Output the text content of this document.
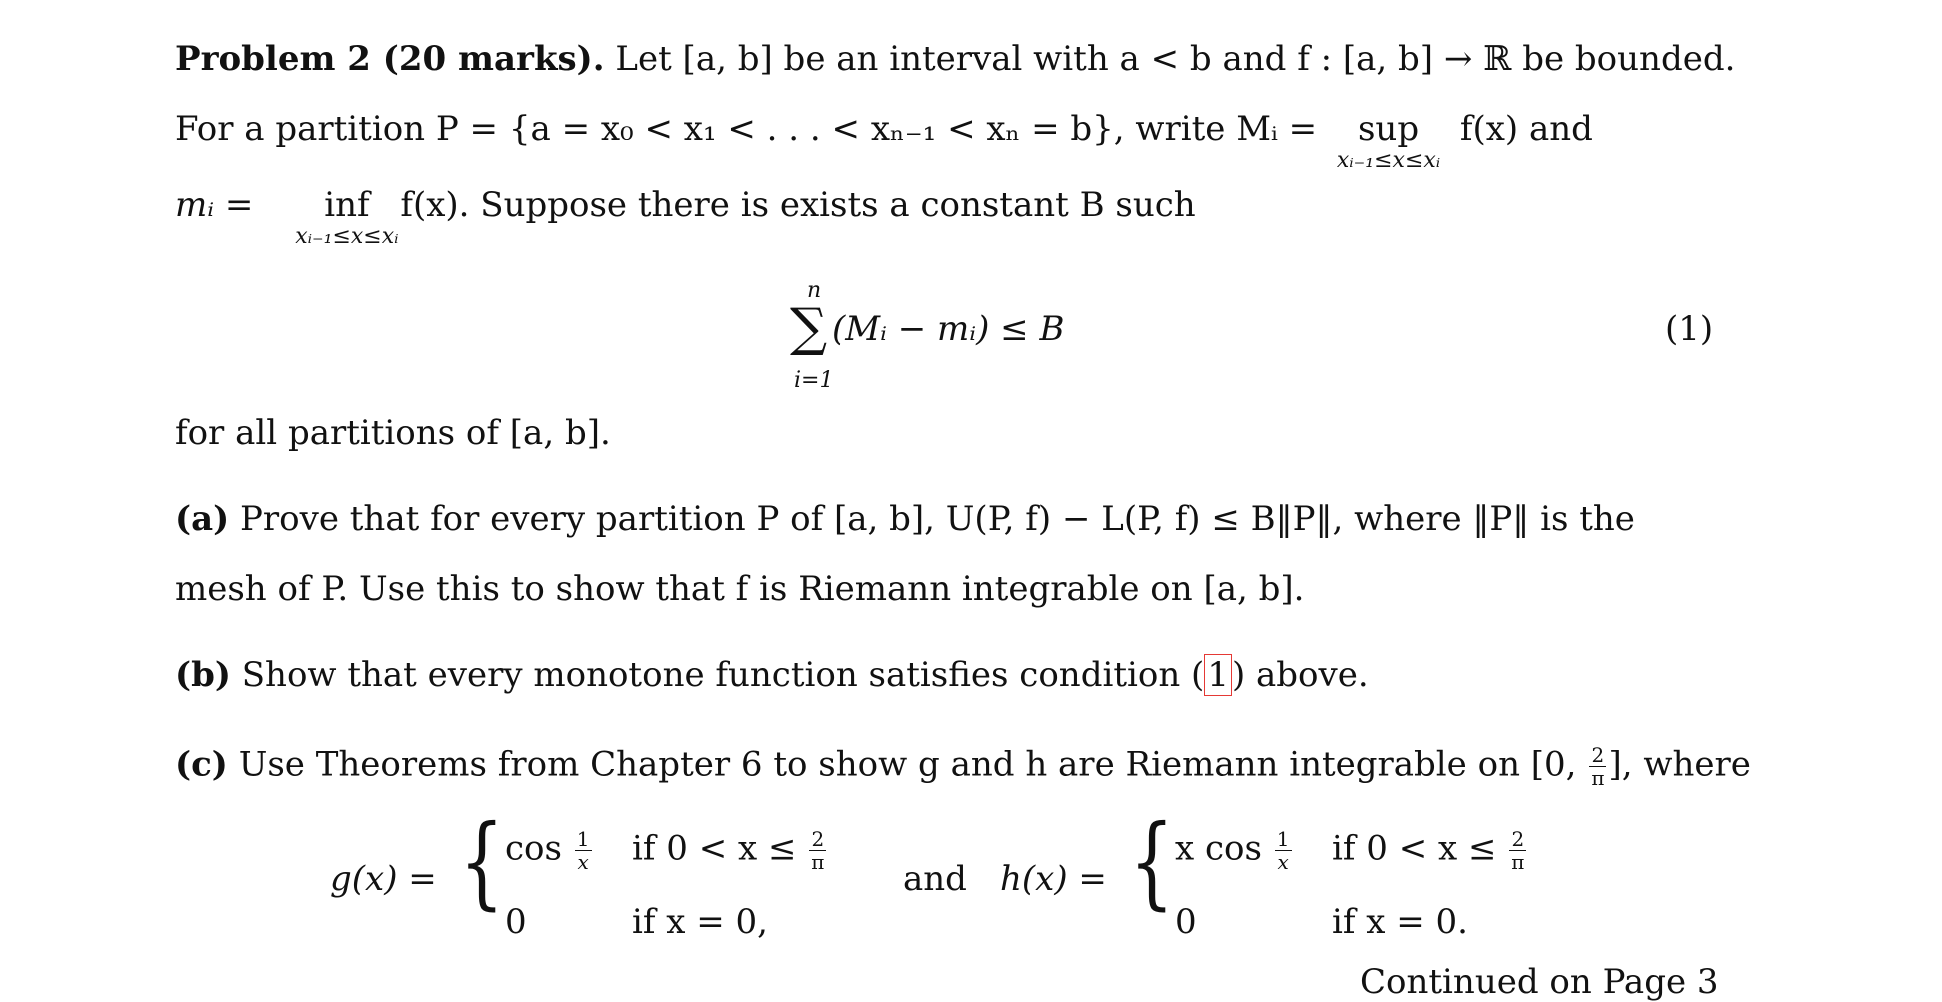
Problem 2 (20 marks). Let [a, b] be an interval with a < b and f : [a, b] → ℝ be bounded.
For a partition P = {a = x₀ < x₁ < . . . < xₙ₋₁ < xₙ = b}, write Mᵢ = sup
xᵢ₋₁≤x≤xᵢ
f(x) and
mᵢ = inf
xᵢ₋₁≤x≤xᵢ
f(x). Suppose there is exists a constant B such
n
∑
i=1
(Mᵢ − mᵢ) ≤ B	(1)
for all partitions of [a, b].
(a) Prove that for every partition P of [a, b], U(P, f) − L(P, f) ≤ B‖P‖, where ‖P‖ is the
mesh of P. Use this to show that f is Riemann integrable on [a, b].
(b) Show that every monotone function satisfies condition (1) above.
(c) Use Theorems from Chapter 6 to show g and h are Riemann integrable on [0, $\frac{2}{\pi}$ ], where
g(x) = { $\cos \frac{1}{x}$ if $0 < x \le \frac{2}{\pi}$
0	if x = 0,
and h(x) = { x $\cos \frac{1}{x}$ if $0 < x \le \frac{2}{\pi}$
0	if x = 0.
Continued on Page 3
